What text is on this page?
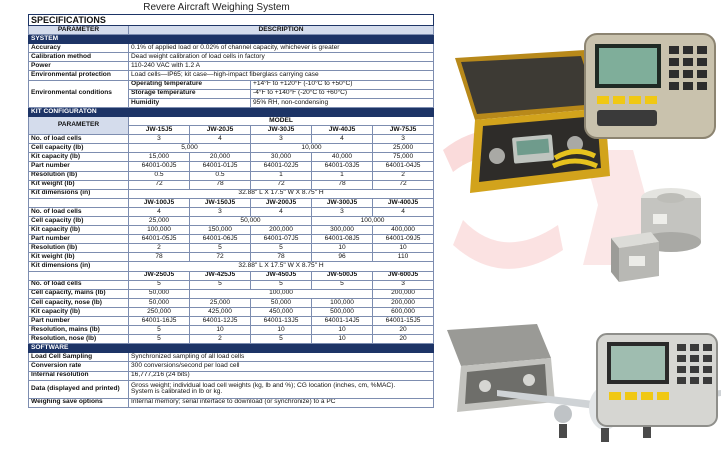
Revere Aircraft Weighing System
SPECIFICATIONS					
PARAMETER	DESCRIPTION				
SYSTEM					
Accuracy	0.1% of applied load or 0.02% of channel capacity, whichever is greater				
Calibration method	Dead weight calibration of load cells in factory				
Power	110-240 VAC with 1.2 A				
Environmental protection	Load cells—IP65; kit case—high-impact fiberglass carrying case				
Environmental conditions	Operating temperature		+14°F to +120°F (-10°C to +50°C)		
	Storage temperature		-4°F to +140°F (-20°C to +60°C)		
	Humidity		95% RH, non-condensing		
KIT CONFIGURATON					
PARAMETER	MODEL				
	JW-15J5	JW-20J5	JW-30J5	JW-40J5	JW-75J5
No. of load cells	3	4	3	4	3
Cell capacity (lb)	5,000		10,000		25,000
Kit capacity (lb)	15,000	20,000	30,000	40,000	75,000
Part number	64001-00J5	64001-01J5	64001-02J5	64001-03J5	64001-04J5
Resolution (lb)	0.5	0.5	1	1	2
Kit weight (lb)	72	78	72	78	72
Kit dimensions (in)	32.88" L X 17.5" W X 8.75" H				
	JW-100J5	JW-150J5	JW-200J5	JW-300J5	JW-400J5
No. of load cells	4	3	4	3	4
Cell capacity (lb)	25,000	50,000		100,000	
Kit capacity (lb)	100,000	150,000	200,000	300,000	400,000
Part number	64001-05J5	64001-06J5	64001-07J5	64001-08J5	64001-09J5
Resolution (lb)	2	5	5	10	10
Kit weight (lb)	78	72	78	96	110
Kit dimensions (in)	32.88" L X 17.5" W X 8.75" H				
	JW-250J5	JW-425J5	JW-450J5	JW-500J5	JW-600J5
No. of load cells	5	5	5	5	3
Cell capacity, mains (lb)	50,000	100,000			200,000
Cell capacity, nose (lb)	50,000	25,000	50,000	100,000	200,000
Kit capacity (lb)	250,000	425,000	450,000	500,000	600,000
Part number	64001-16J5	64001-12J5	64001-13J5	64001-14J5	64001-15J5
Resolution, mains (lb)	5	10	10	10	20
Resolution, nose (lb)	5	2	5	10	20
SOFTWARE					
Load Cell Sampling	Synchronized sampling of all load cells				
Conversion rate	300 conversions/second per load cell				
Internal resolution	16,777,216 (24 bits)				
Data (displayed and printed)	Gross weight; individual load cell weights (kg, lb and %); CG location (inches, cm, %MAC).
System is calibrated in lb or kg.				

Weighing save options	Internal memory; serial interface to download (or synchronize) to a PC				
